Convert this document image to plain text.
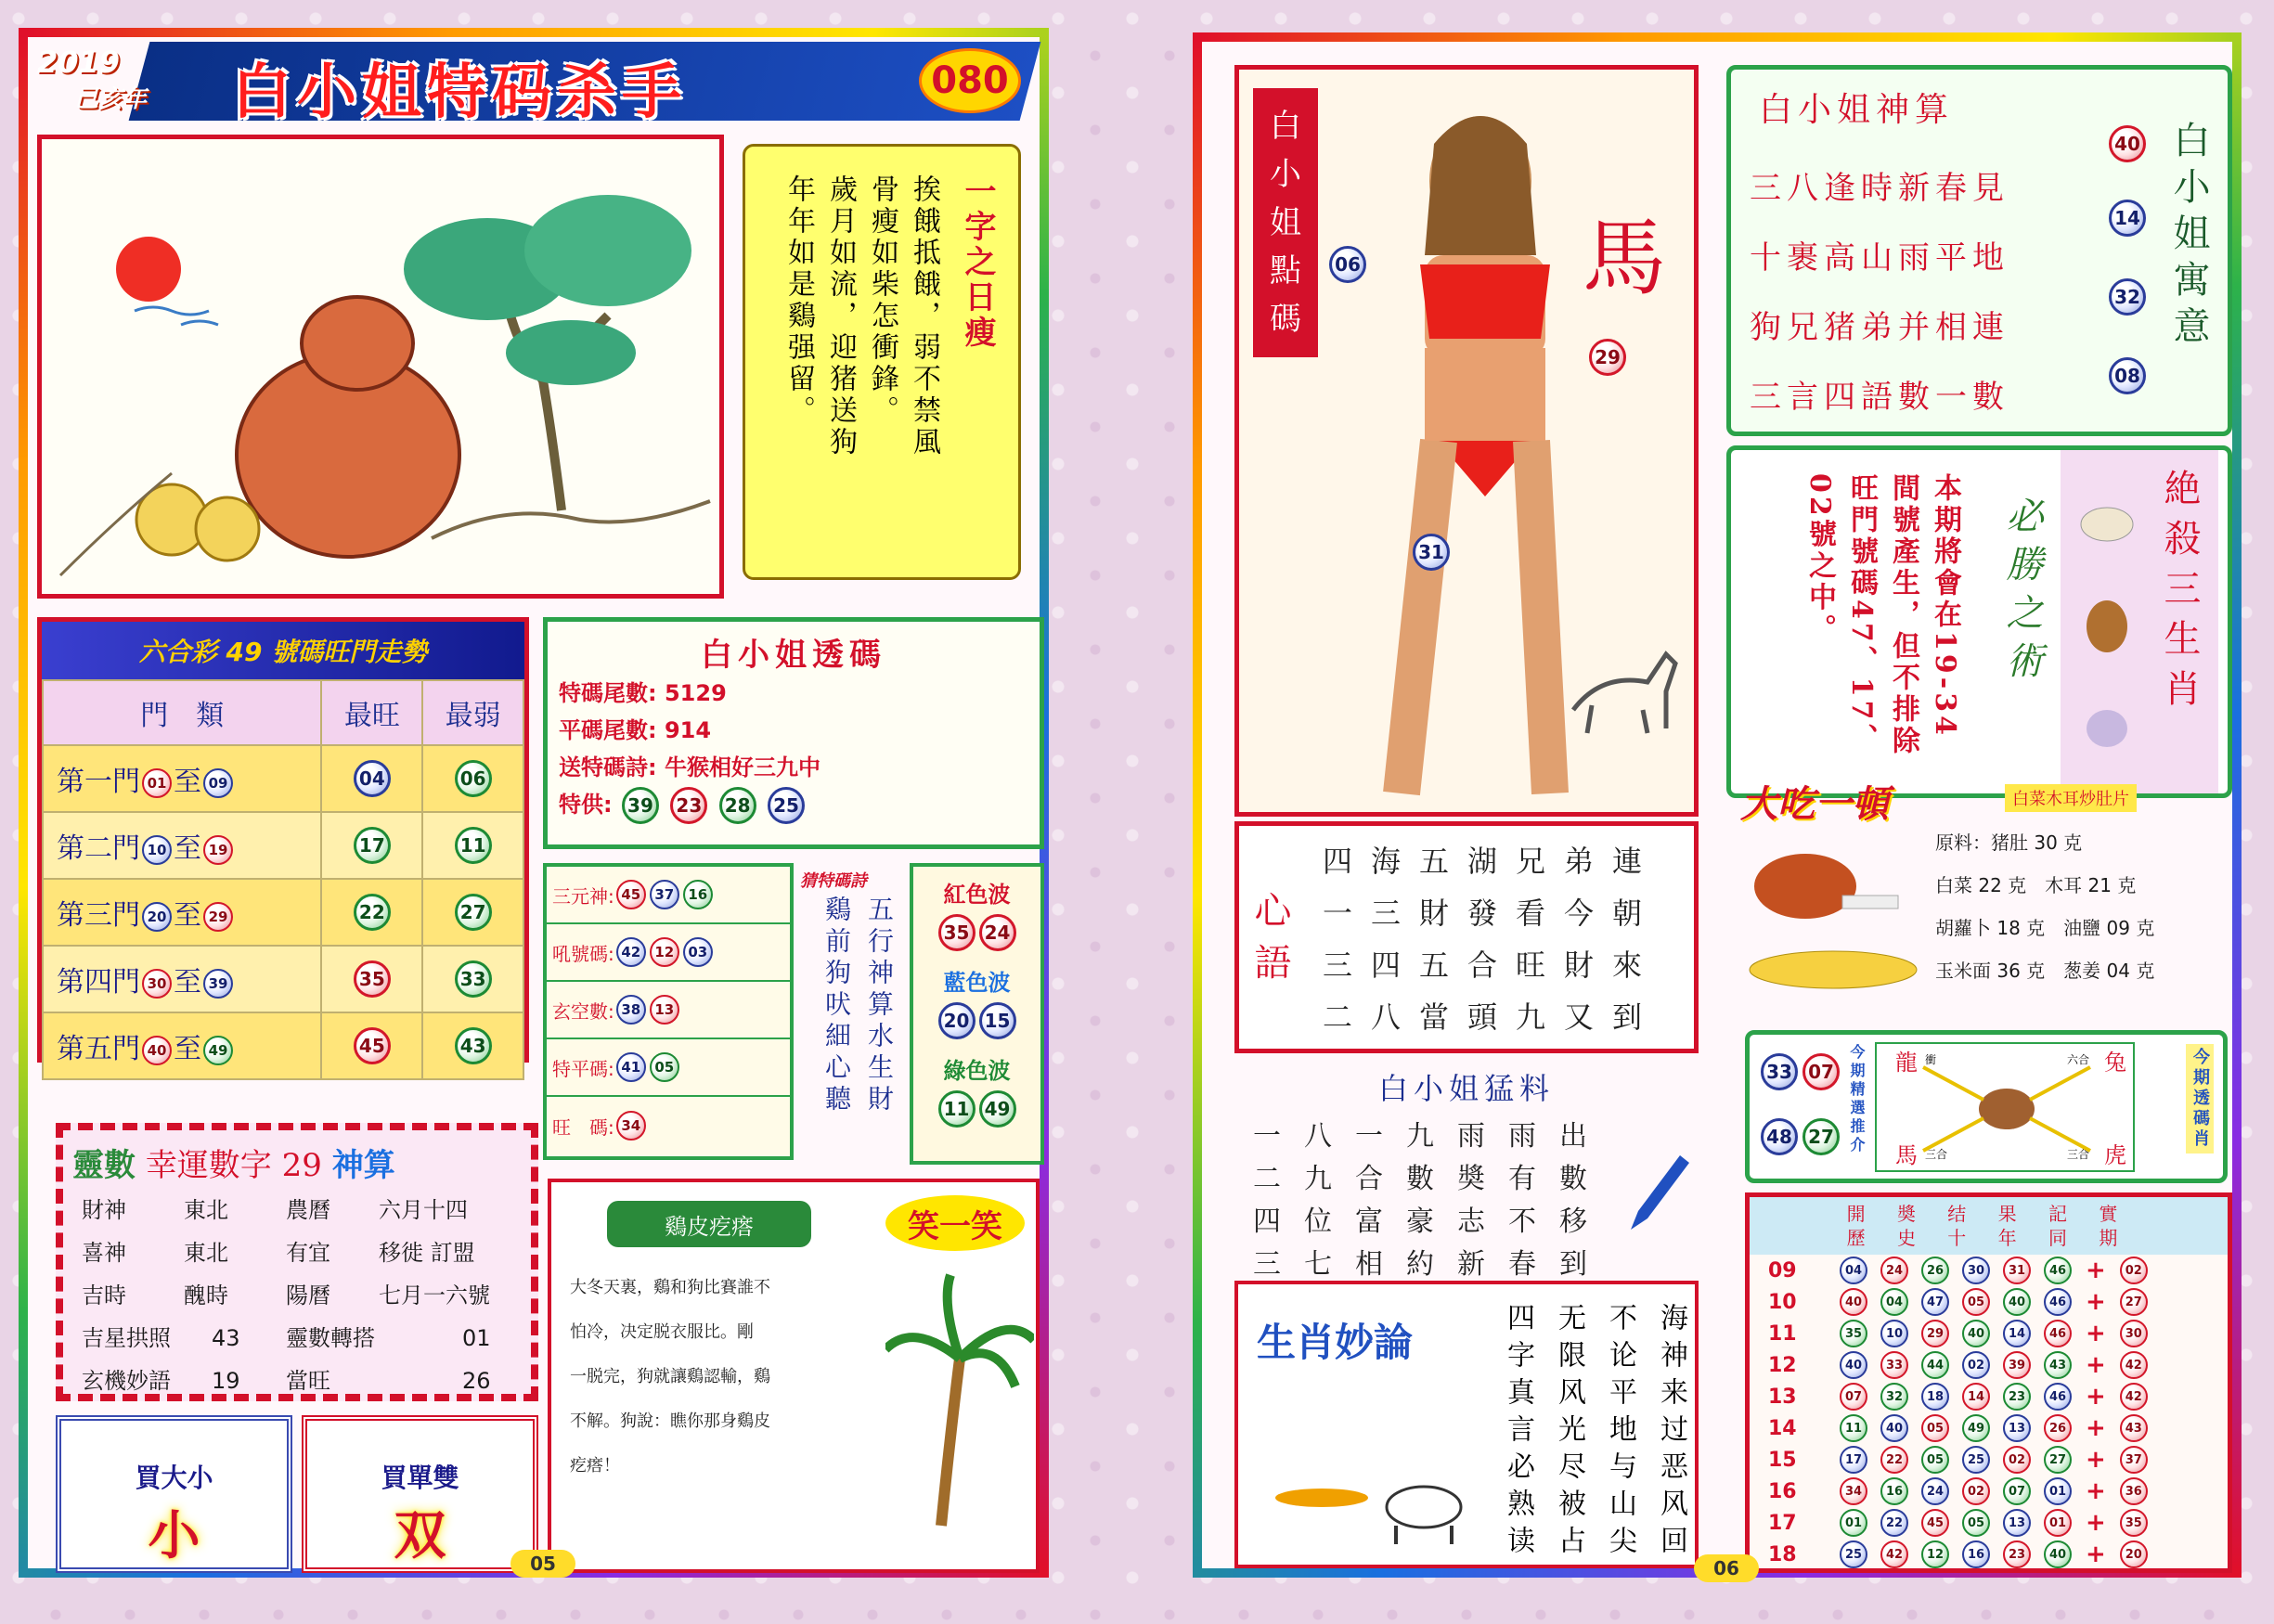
2019
己亥年 白小姐特码杀手	080
一字之日瘦
挨餓抵餓，弱不禁風
骨瘦如柴怎衝鋒。
歲月如流，迎猪送狗
年年如是鷄强留。
六合彩 49 號碼旺門走勢
門　類	最旺	最弱
第一門 01 至 09	04	06
第二門 10 至 19	17	11
第三門 20 至 29	22	27
第四門 30 至 39	35	33
第五門 40 至 49	45	43
白小姐透碼
特碼尾數: 5129
平碼尾數: 914
送特碼詩: 牛猴相好三九中
特供: 39 23 28 25
三元神: 45	37	16
吼號碼: 42	12	03
玄空數: 38	13
特平碼: 41	05
旺　碼: 34
猜特碼詩
五行神算水生財
鷄前狗吠細心聽
紅色波
35 24
藍色波
20 15
綠色波
11 49
靈數 幸運數字 29 神算
財神	東北	農曆	六月十四
喜神	東北	有宜	移徙 訂盟
吉時	醜時	陽曆	七月一六號
吉星拱照	43	靈數轉搭	01
玄機妙語	19	當旺	26
買大小
小
買單雙
双
鷄皮疙瘩	笑一笑
大冬天裏，鷄和狗比賽誰不
怕冷，决定脱衣服比。剛
一脱完，狗就讓鷄認輸，鷄
不解。狗說：瞧你那身鷄皮
疙瘩！
05
白
小
姐
點
碼
06
29
31
馬
白小姐神算
三八逢時新春見
十裹高山雨平地
狗兄猪弟并相連
三言四語數一數
40
14
32
08
白小姐寓意
本期將會在19-34
間號產生，但不排除
旺門號碼47、17、
02號之中。	必勝之術	絶殺三生肖
心語
四海五湖兄弟連
一三財發看今朝
三四五合旺財來
二八當頭九又到
白小姐猛料
一八一九雨雨出
二九合數奬有數
四位富豪志不移
三七相約新春到
生肖妙論	海神来过恶风回
不论平地与山尖
无限风光尽被占
四字真言必熟读
大吃一頓	白菜木耳炒肚片
原料：猪肚 30 克
白菜 22 克　木耳 21 克
胡蘿卜 18 克　油鹽 09 克
玉米面 36 克　葱姜 04 克
33 07
48 27 今期精選推介 龍 衝	兔
六合
馬 三合	虎
三合
今期透碼肖
開 奬 结 果 記 實
歷 史 十 年 同 期
09	04	24	26	30	31	46 +	02
10	40	04	47	05	40	46 +	27
11	35	10	29	40	14	46 +	30
12	40	33	44	02	39	43 +	42
13	07	32	18	14	23	46 +	42
14	11	40	05	49	13	26 +	43
15	17	22	05	25	02	27 +	37
16	34	16	24	02	07	01 +	36
17	01	22	45	05	13	01 +	35
18	25	42	12	16	23	40 +	20
06
